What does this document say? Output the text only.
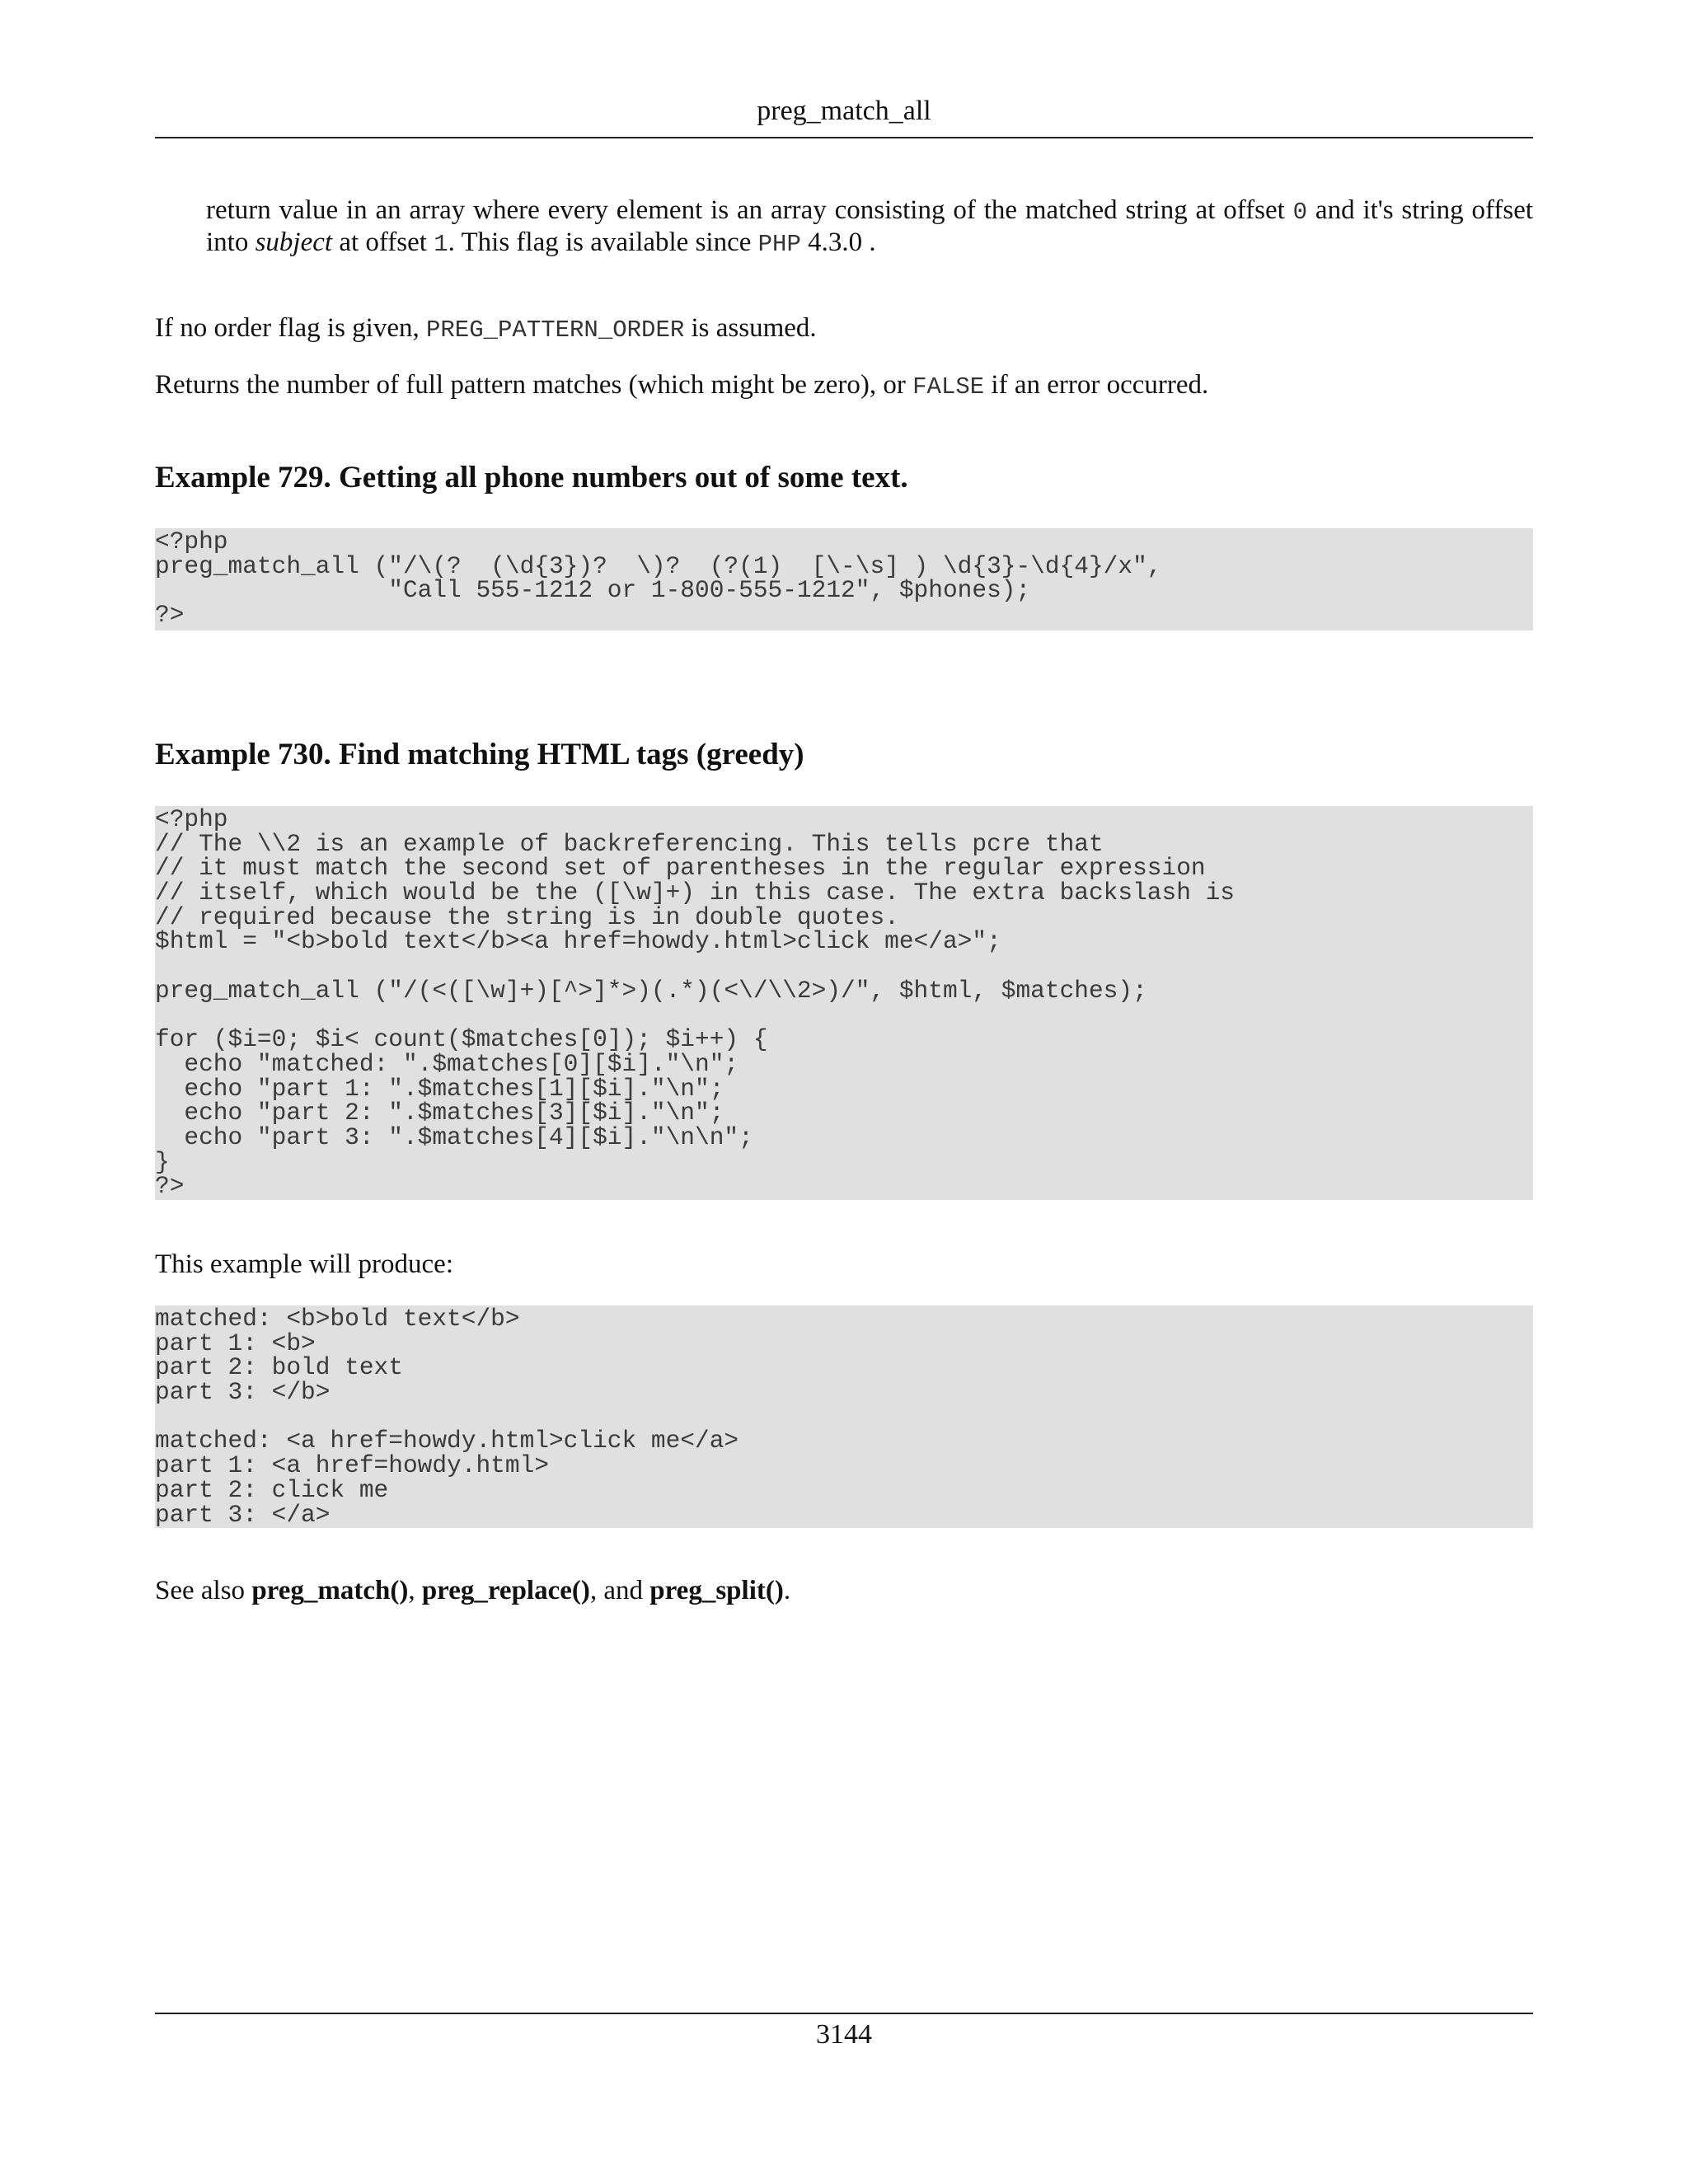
preg_match_all
return value in an array where every element is an array consisting of the matched string at offset 0 and it's string offset into subject at offset 1. This flag is available since PHP 4.3.0 .
If no order flag is given, PREG_PATTERN_ORDER is assumed.
Returns the number of full pattern matches (which might be zero), or FALSE if an error occurred.
Example 729. Getting all phone numbers out of some text.
<?php
preg_match_all ("/\(?  (\d{3})?  \)?  (?(1)  [\-\s] ) \d{3}-\d{4}/x",
"Call 555-1212 or 1-800-555-1212", $phones);
?>
Example 730. Find matching HTML tags (greedy)
<?php
// The \\2 is an example of backreferencing. This tells pcre that
// it must match the second set of parentheses in the regular expression
// itself, which would be the ([\w]+) in this case. The extra backslash is
// required because the string is in double quotes.
$html = "<b>bold text</b><a href=howdy.html>click me</a>";
preg_match_all ("/(<([\w]+)[^>]*>)(.*)(<\/\\2>)/", $html, $matches);
for ($i=0; $i< count($matches[0]); $i++) {
echo "matched: ".$matches[0][$i]."\n";
echo "part 1: ".$matches[1][$i]."\n";
echo "part 2: ".$matches[3][$i]."\n";
echo "part 3: ".$matches[4][$i]."\n\n";
}
?>
This example will produce:
matched: <b>bold text</b>
part 1: <b>
part 2: bold text
part 3: </b>
matched: <a href=howdy.html>click me</a>
part 1: <a href=howdy.html>
part 2: click me
part 3: </a>
See also preg_match(), preg_replace(), and preg_split().
3144
